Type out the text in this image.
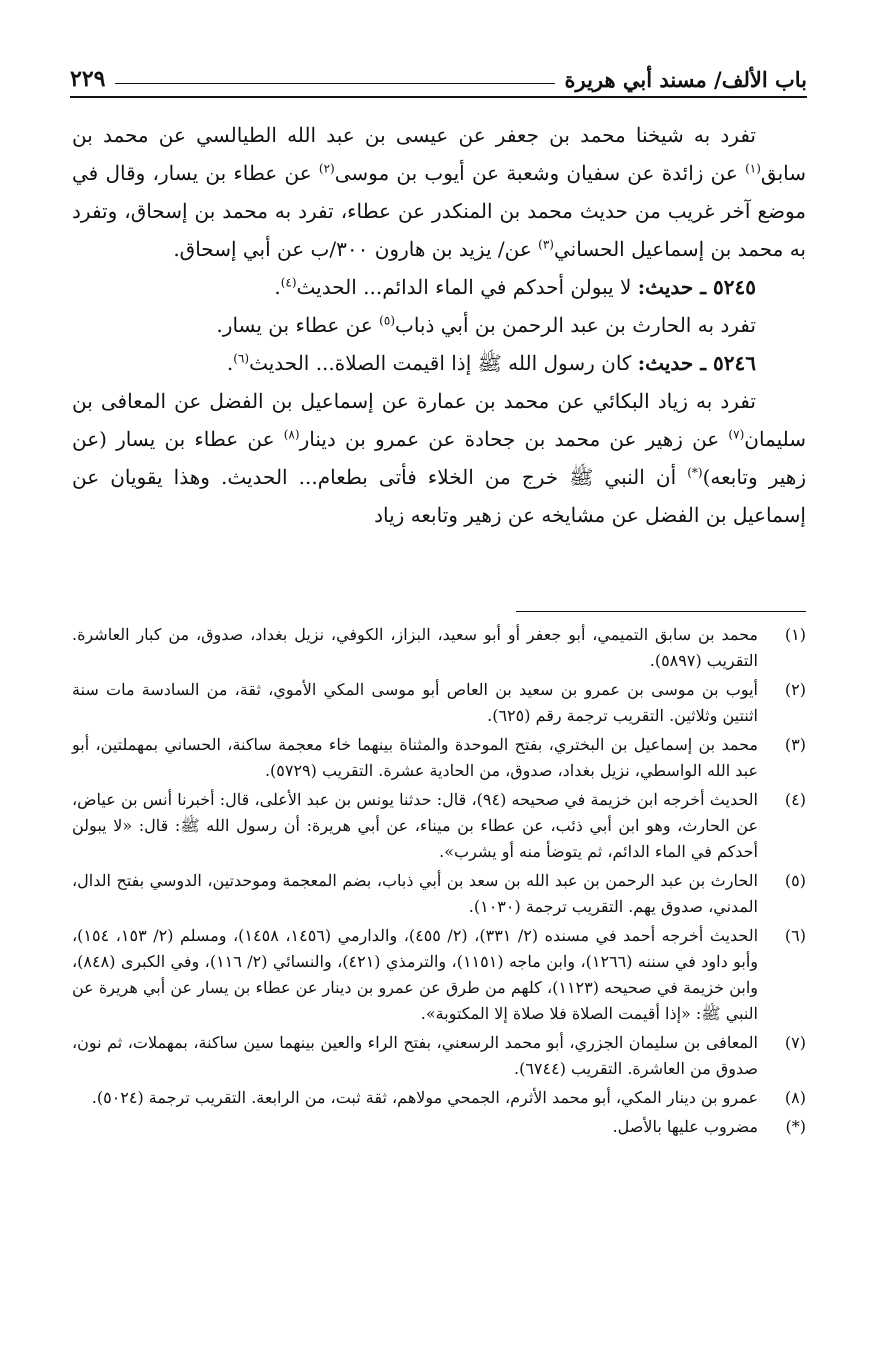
باب الألف/ مسند أبي هريرة
٢٢٩

تفرد به شيخنا محمد بن جعفر عن عيسى بن عبد الله الطيالسي عن محمد بن سابق$^{(١)}$ عن زائدة عن سفيان وشعبة عن أيوب بن موسى$^{(٢)}$ عن عطاء بن يسار، وقال في موضع آخر غريب من حديث محمد بن المنكدر عن عطاء، تفرد به محمد بن إسحاق، وتفرد به محمد بن إسماعيل الحساني$^{(٣)}$ عن/ يزيد بن هارون ٣٠٠/ب عن أبي إسحاق.

٥٢٤٥ ـ حديث: لا يبولن أحدكم في الماء الدائم... الحديث$^{(٤)}$.

تفرد به الحارث بن عبد الرحمن بن أبي ذباب$^{(٥)}$ عن عطاء بن يسار.

٥٢٤٦ ـ حديث: كان رسول الله ﷺ إذا اقيمت الصلاة... الحديث$^{(٦)}$.

تفرد به زياد البكائي عن محمد بن عمارة عن إسماعيل بن الفضل عن المعافى بن سليمان$^{(٧)}$ عن زهير عن محمد بن جحادة عن عمرو بن دينار$^{(٨)}$ عن عطاء بن يسار (عن زهير وتابعه)(*) أن النبي ﷺ خرج من الخلاء فأتى بطعام... الحديث. وهذا يقويان عن إسماعيل بن الفضل عن مشايخه عن زهير وتابعه زياد

(١)
محمد بن سابق التميمي، أبو جعفر أو أبو سعيد، البزاز، الكوفي، نزيل بغداد، صدوق، من كبار العاشرة. التقريب (٥٨٩٧).
(٢)
أيوب بن موسى بن عمرو بن سعيد بن العاص أبو موسى المكي الأموي، ثقة، من السادسة مات سنة اثنتين وثلاثين. التقريب ترجمة رقم (٦٢٥).
(٣)
محمد بن إسماعيل بن البختري، بفتح الموحدة والمثناة بينهما خاء معجمة ساكنة، الحساني بمهملتين، أبو عبد الله الواسطي، نزيل بغداد، صدوق، من الحادية عشرة. التقريب (٥٧٢٩).
(٤)
الحديث أخرجه ابن خزيمة في صحيحه (٩٤)، قال: حدثنا يونس بن عبد الأعلى، قال: أخبرنا أنس بن عياض، عن الحارث، وهو ابن أبي ذئب، عن عطاء بن ميناء، عن أبي هريرة: أن رسول الله ﷺ: قال: «لا يبولن أحدكم في الماء الدائم، ثم يتوضأ منه أو يشرب».
(٥)
الحارث بن عبد الرحمن بن عبد الله بن سعد بن أبي ذباب، بضم المعجمة وموحدتين، الدوسي بفتح الدال، المدني، صدوق يهم. التقريب ترجمة (١٠٣٠).
(٦)
الحديث أخرجه أحمد في مسنده (٢/ ٣٣١)، (٢/ ٤٥٥)، والدارمي (١٤٥٦، ١٤٥٨)، ومسلم (٢/ ١٥٣، ١٥٤)، وأبو داود في سننه (١٢٦٦)، وابن ماجه (١١٥١)، والترمذي (٤٢١)، والنسائي (٢/ ١١٦)، وفي الكبرى (٨٤٨)، وابن خزيمة في صحيحه (١١٢٣)، كلهم من طرق عن عمرو بن دينار عن عطاء بن يسار عن أبي هريرة عن النبي ﷺ: «إذا أقيمت الصلاة فلا صلاة إلا المكتوبة».
(٧)
المعافى بن سليمان الجزري، أبو محمد الرسعني، بفتح الراء والعين بينهما سين ساكنة، بمهملات، ثم نون، صدوق من العاشرة. التقريب (٦٧٤٤).
(٨)
عمرو بن دينار المكي، أبو محمد الأثرم، الجمحي مولاهم، ثقة ثبت، من الرابعة. التقريب ترجمة (٥٠٢٤).
(*)
مضروب عليها بالأصل.
